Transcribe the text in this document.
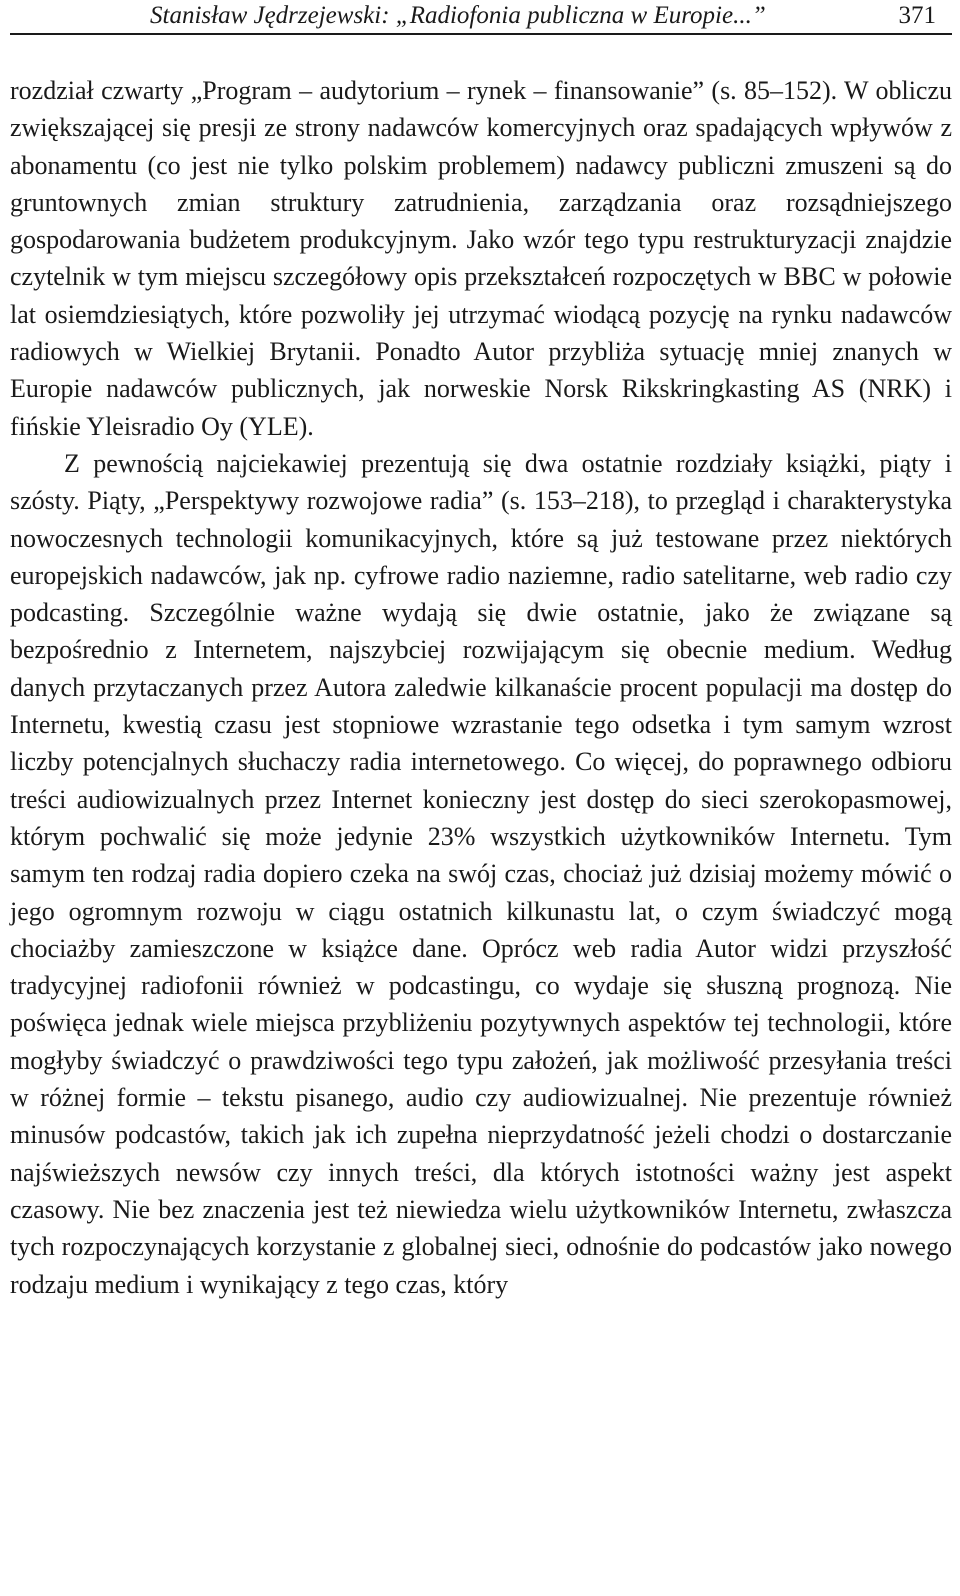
Stanisław Jędrzejewski: „Radiofonia publiczna w Europie...”	371

rozdział czwarty „Program – audytorium – rynek – finansowanie” (s. 85–152). W obliczu zwiększającej się presji ze strony nadawców komercyjnych oraz spadających wpływów z abonamentu (co jest nie tylko polskim problemem) nadawcy publiczni zmuszeni są do gruntownych zmian struktury zatrudnienia, zarządzania oraz rozsądniejszego gospodarowania budżetem produkcyjnym. Jako wzór tego typu restrukturyzacji znajdzie czytelnik w tym miejscu szczegółowy opis przekształceń rozpoczętych w BBC w połowie lat osiemdziesiątych, które pozwoliły jej utrzymać wiodącą pozycję na rynku nadawców radiowych w Wielkiej Brytanii. Ponadto Autor przybliża sytuację mniej znanych w Europie nadawców publicznych, jak norweskie Norsk Rikskringkasting AS (NRK) i fińskie Yleisradio Oy (YLE).

Z pewnością najciekawiej prezentują się dwa ostatnie rozdziały książki, piąty i szósty. Piąty, „Perspektywy rozwojowe radia” (s. 153–218), to przegląd i charakterystyka nowoczesnych technologii komunikacyjnych, które są już testowane przez niektórych europejskich nadawców, jak np. cyfrowe radio naziemne, radio satelitarne, web radio czy podcasting. Szczególnie ważne wydają się dwie ostatnie, jako że związane są bezpośrednio z Internetem, najszybciej rozwijającym się obecnie medium. Według danych przytaczanych przez Autora zaledwie kilkanaście procent populacji ma dostęp do Internetu, kwestią czasu jest stopniowe wzrastanie tego odsetka i tym samym wzrost liczby potencjalnych słuchaczy radia internetowego. Co więcej, do poprawnego odbioru treści audiowizualnych przez Internet konieczny jest dostęp do sieci szerokopasmowej, którym pochwalić się może jedynie 23% wszystkich użytkowników Internetu. Tym samym ten rodzaj radia dopiero czeka na swój czas, chociaż już dzisiaj możemy mówić o jego ogromnym rozwoju w ciągu ostatnich kilkunastu lat, o czym świadczyć mogą chociażby zamieszczone w książce dane. Oprócz web radia Autor widzi przyszłość tradycyjnej radiofonii również w podcastingu, co wydaje się słuszną prognozą. Nie poświęca jednak wiele miejsca przybliżeniu pozytywnych aspektów tej technologii, które mogłyby świadczyć o prawdziwości tego typu założeń, jak możliwość przesyłania treści w różnej formie – tekstu pisanego, audio czy audiowizualnej. Nie prezentuje również minusów podcastów, takich jak ich zupełna nieprzydatność jeżeli chodzi o dostarczanie najświeższych newsów czy innych treści, dla których istotności ważny jest aspekt czasowy. Nie bez znaczenia jest też niewiedza wielu użytkowników Internetu, zwłaszcza tych rozpoczynających korzystanie z globalnej sieci, odnośnie do podcastów jako nowego rodzaju medium i wynikający z tego czas, który
